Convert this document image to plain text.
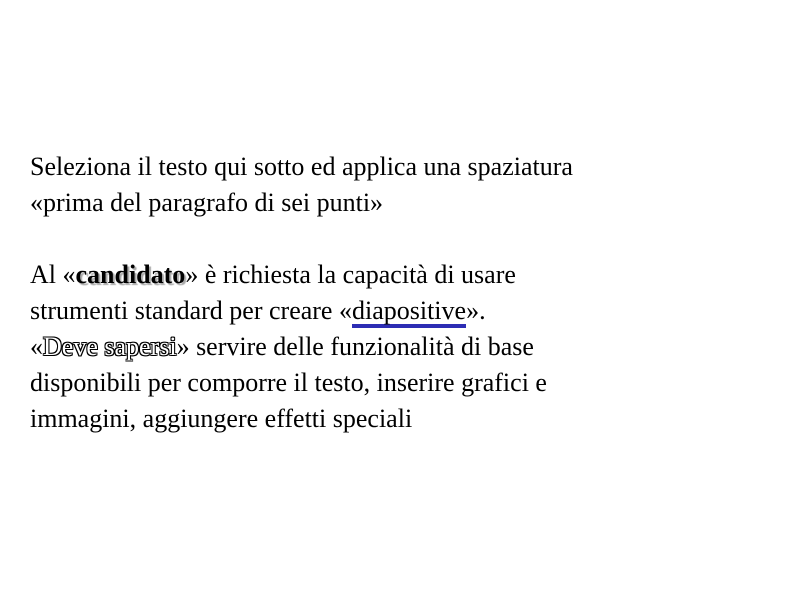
Seleziona il testo qui sotto ed applica una spaziatura
«prima del paragrafo di sei punti»
Al «candidato» è richiesta la capacità di usare
strumenti standard per creare «diapositive».
«Deve sapersi» servire delle funzionalità di base
disponibili per comporre il testo, inserire grafici e
immagini, aggiungere effetti speciali
